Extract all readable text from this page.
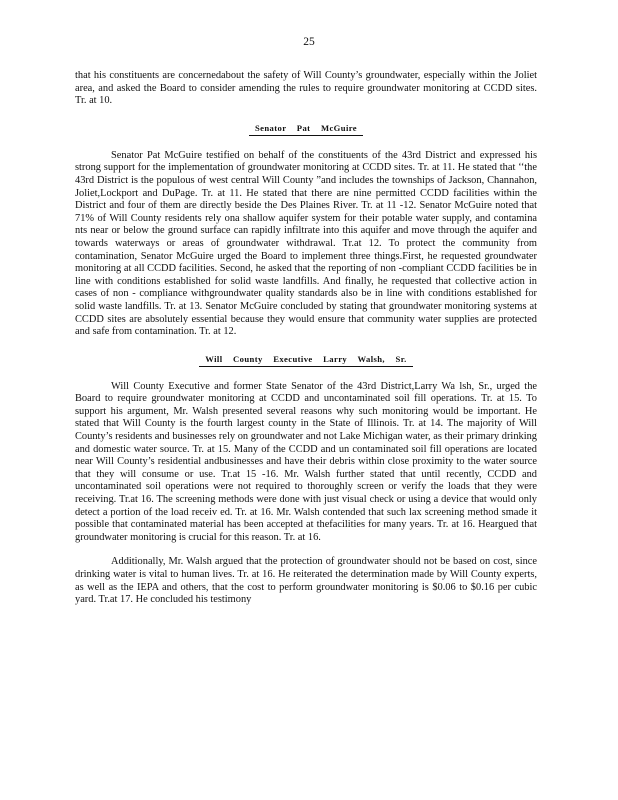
25

that his constituents are concernedabout the safety of Will County’s groundwater, especially within the Joliet area, and asked the Board to consider amending the rules to require groundwater monitoring at CCDD sites. Tr. at 10.

Senator Pat McGuire

Senator Pat McGuire testified on behalf of the constituents of the 43rd District and expressed his strong support for the implementation of groundwater monitoring at CCDD sites. Tr. at 11. He stated that ‘‘the 43rd District is the populous of west central Will County ”and includes the townships of Jackson, Channahon, Joliet,Lockport and DuPage. Tr. at 11. He stated that there are nine permitted CCDD facilities within the District and four of them are directly beside the Des Plaines River. Tr. at 11 -12. Senator McGuire noted that 71% of Will County residents rely ona shallow aquifer system for their potable water supply, and contamina nts near or below the ground surface can rapidly infiltrate into this aquifer and move through the aquifer and towards waterways or areas of groundwater withdrawal. Tr.at 12. To protect the community from contamination, Senator McGuire urged the Board to implement three things.First, he requested groundwater monitoring at all CCDD facilities. Second, he asked that the reporting of non -compliant CCDD facilities be in line with conditions established for solid waste landfills. And finally, he requested that collective action in cases of non - compliance withgroundwater quality standards also be in line with conditions established for solid waste landfills. Tr. at 13. Senator McGuire concluded by stating that groundwater monitoring systems at CCDD sites are absolutely essential because they would ensure that community water supplies are protected and safe from contamination. Tr. at 12.

Will County Executive Larry Walsh, Sr.

Will County Executive and former State Senator of the 43rd District,Larry Wa lsh, Sr., urged the Board to require groundwater monitoring at CCDD and uncontaminated soil fill operations. Tr. at 15. To support his argument, Mr. Walsh presented several reasons why such monitoring would be important. He stated that Will County is the fourth largest county in the State of Illinois. Tr. at 14. The majority of Will County’s residents and businesses rely on groundwater and not Lake Michigan water, as their primary drinking and domestic water source. Tr. at 15. Many of the CCDD and un contaminated soil fill operations are located near Will County’s residential andbusinesses and have their debris within close proximity to the water source that they will consume or use. Tr.at 15 -16. Mr. Walsh further stated that until recently, CCDD and uncontaminated soil operations were not required to thoroughly screen or verify the loads that they were receiving. Tr.at 16. The screening methods were done with just visual check or using a device that would only detect a portion of the load receiv ed. Tr. at 16. Mr. Walsh contended that such lax screening method smade it possible that contaminated material has been accepted at thefacilities for many years. Tr. at 16. Heargued that groundwater monitoring is crucial for this reason. Tr. at 16.

Additionally, Mr. Walsh argued that the protection of groundwater should not be based on cost, since drinking water is vital to human lives. Tr. at 16. He reiterated the determination made by Will County experts, as well as the IEPA and others, that the cost to perform groundwater monitoring is $0.06 to $0.16 per cubic yard. Tr.at 17. He concluded his testimony
